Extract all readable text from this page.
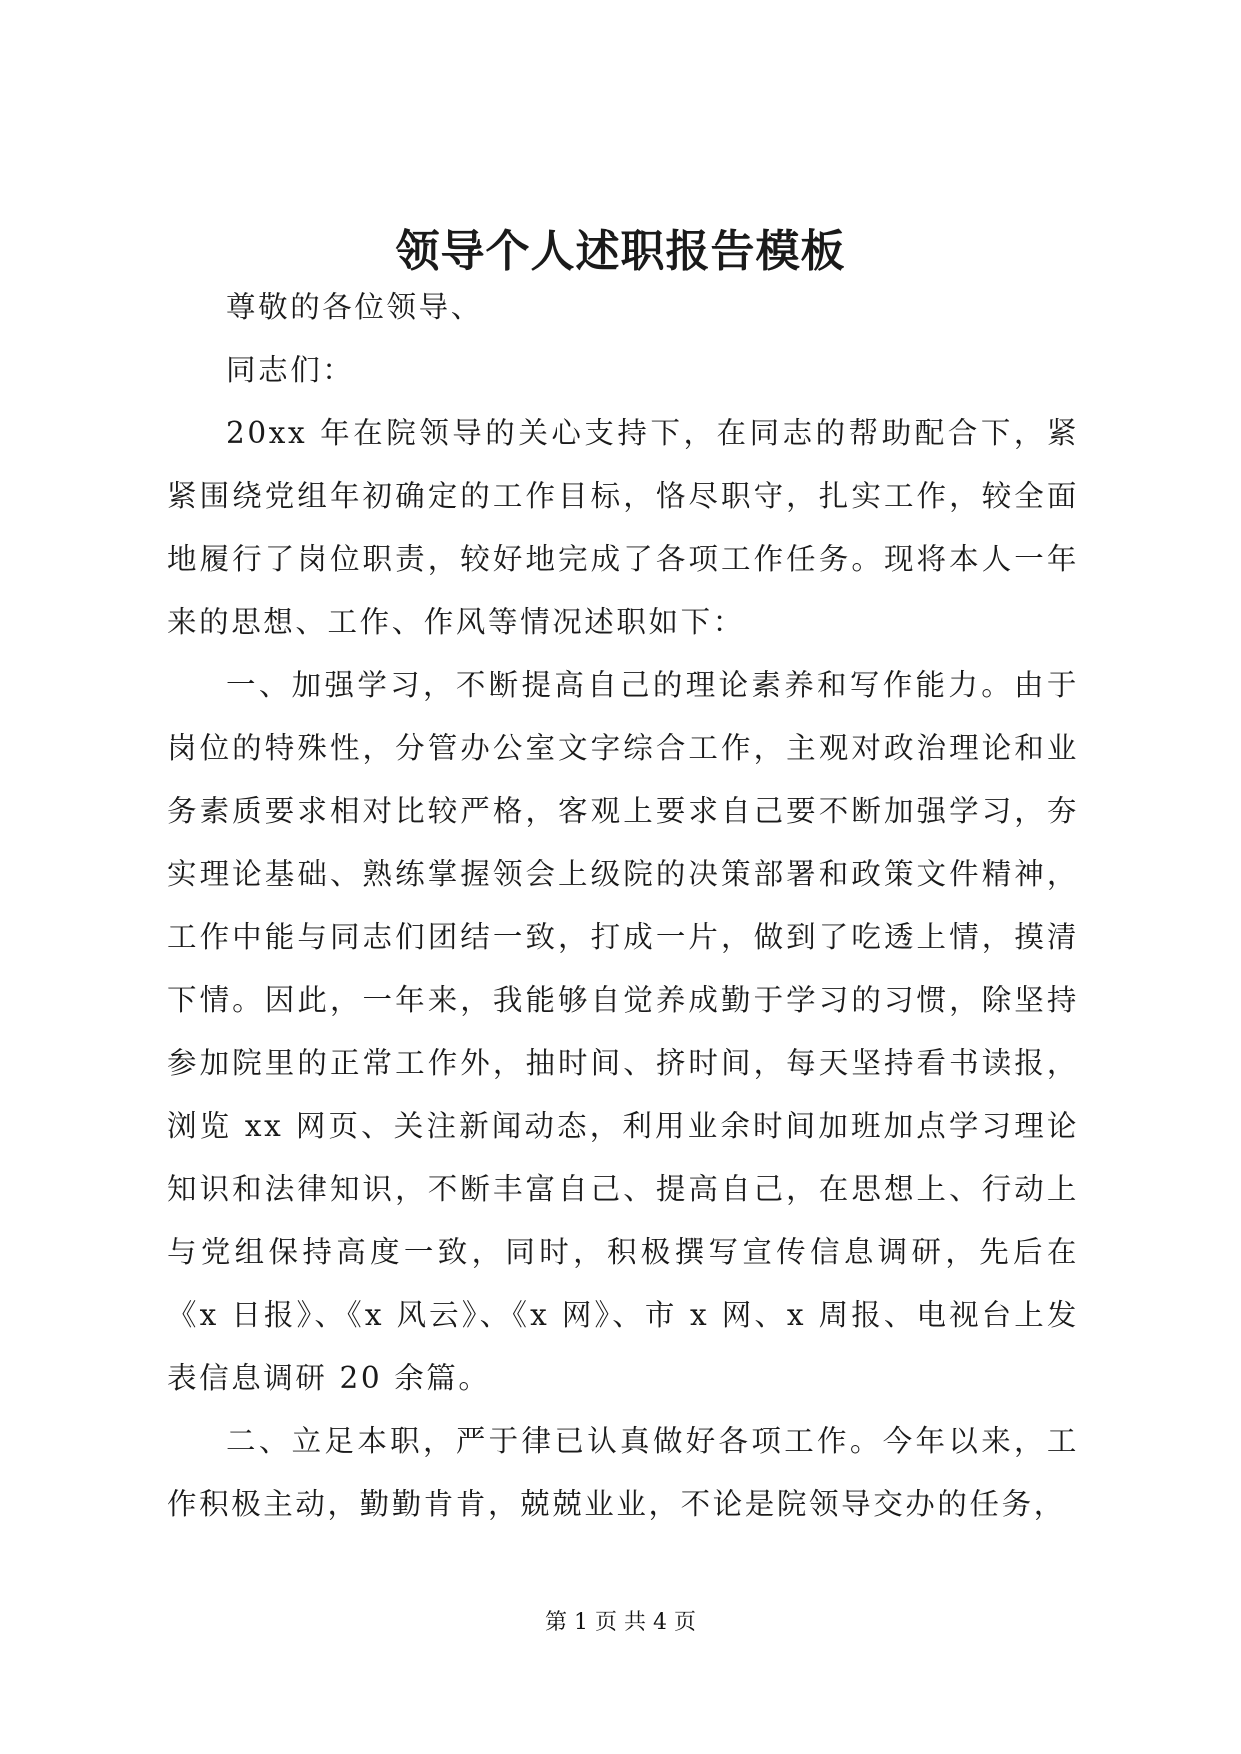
领导个人述职报告模板

尊敬的各位领导、

同志们：

20xx 年在院领导的关心支持下，在同志的帮助配合下，紧紧围绕党组年初确定的工作目标，恪尽职守，扎实工作，较全面地履行了岗位职责，较好地完成了各项工作任务。现将本人一年来的思想、工作、作风等情况述职如下：

一、加强学习，不断提高自己的理论素养和写作能力。由于岗位的特殊性，分管办公室文字综合工作，主观对政治理论和业务素质要求相对比较严格，客观上要求自己要不断加强学习，夯实理论基础、熟练掌握领会上级院的决策部署和政策文件精神，工作中能与同志们团结一致，打成一片，做到了吃透上情，摸清下情。因此，一年来，我能够自觉养成勤于学习的习惯，除坚持参加院里的正常工作外，抽时间、挤时间，每天坚持看书读报，浏览 xx 网页、关注新闻动态，利用业余时间加班加点学习理论知识和法律知识，不断丰富自己、提高自己，在思想上、行动上与党组保持高度一致，同时，积极撰写宣传信息调研，先后在《x 日报》、《x 风云》、《x 网》、市 x 网、x 周报、电视台上发表信息调研 20 余篇。

二、立足本职，严于律已认真做好各项工作。今年以来，工作积极主动，勤勤肯肯，兢兢业业，不论是院领导交办的任务，

第 1 页 共 4 页
